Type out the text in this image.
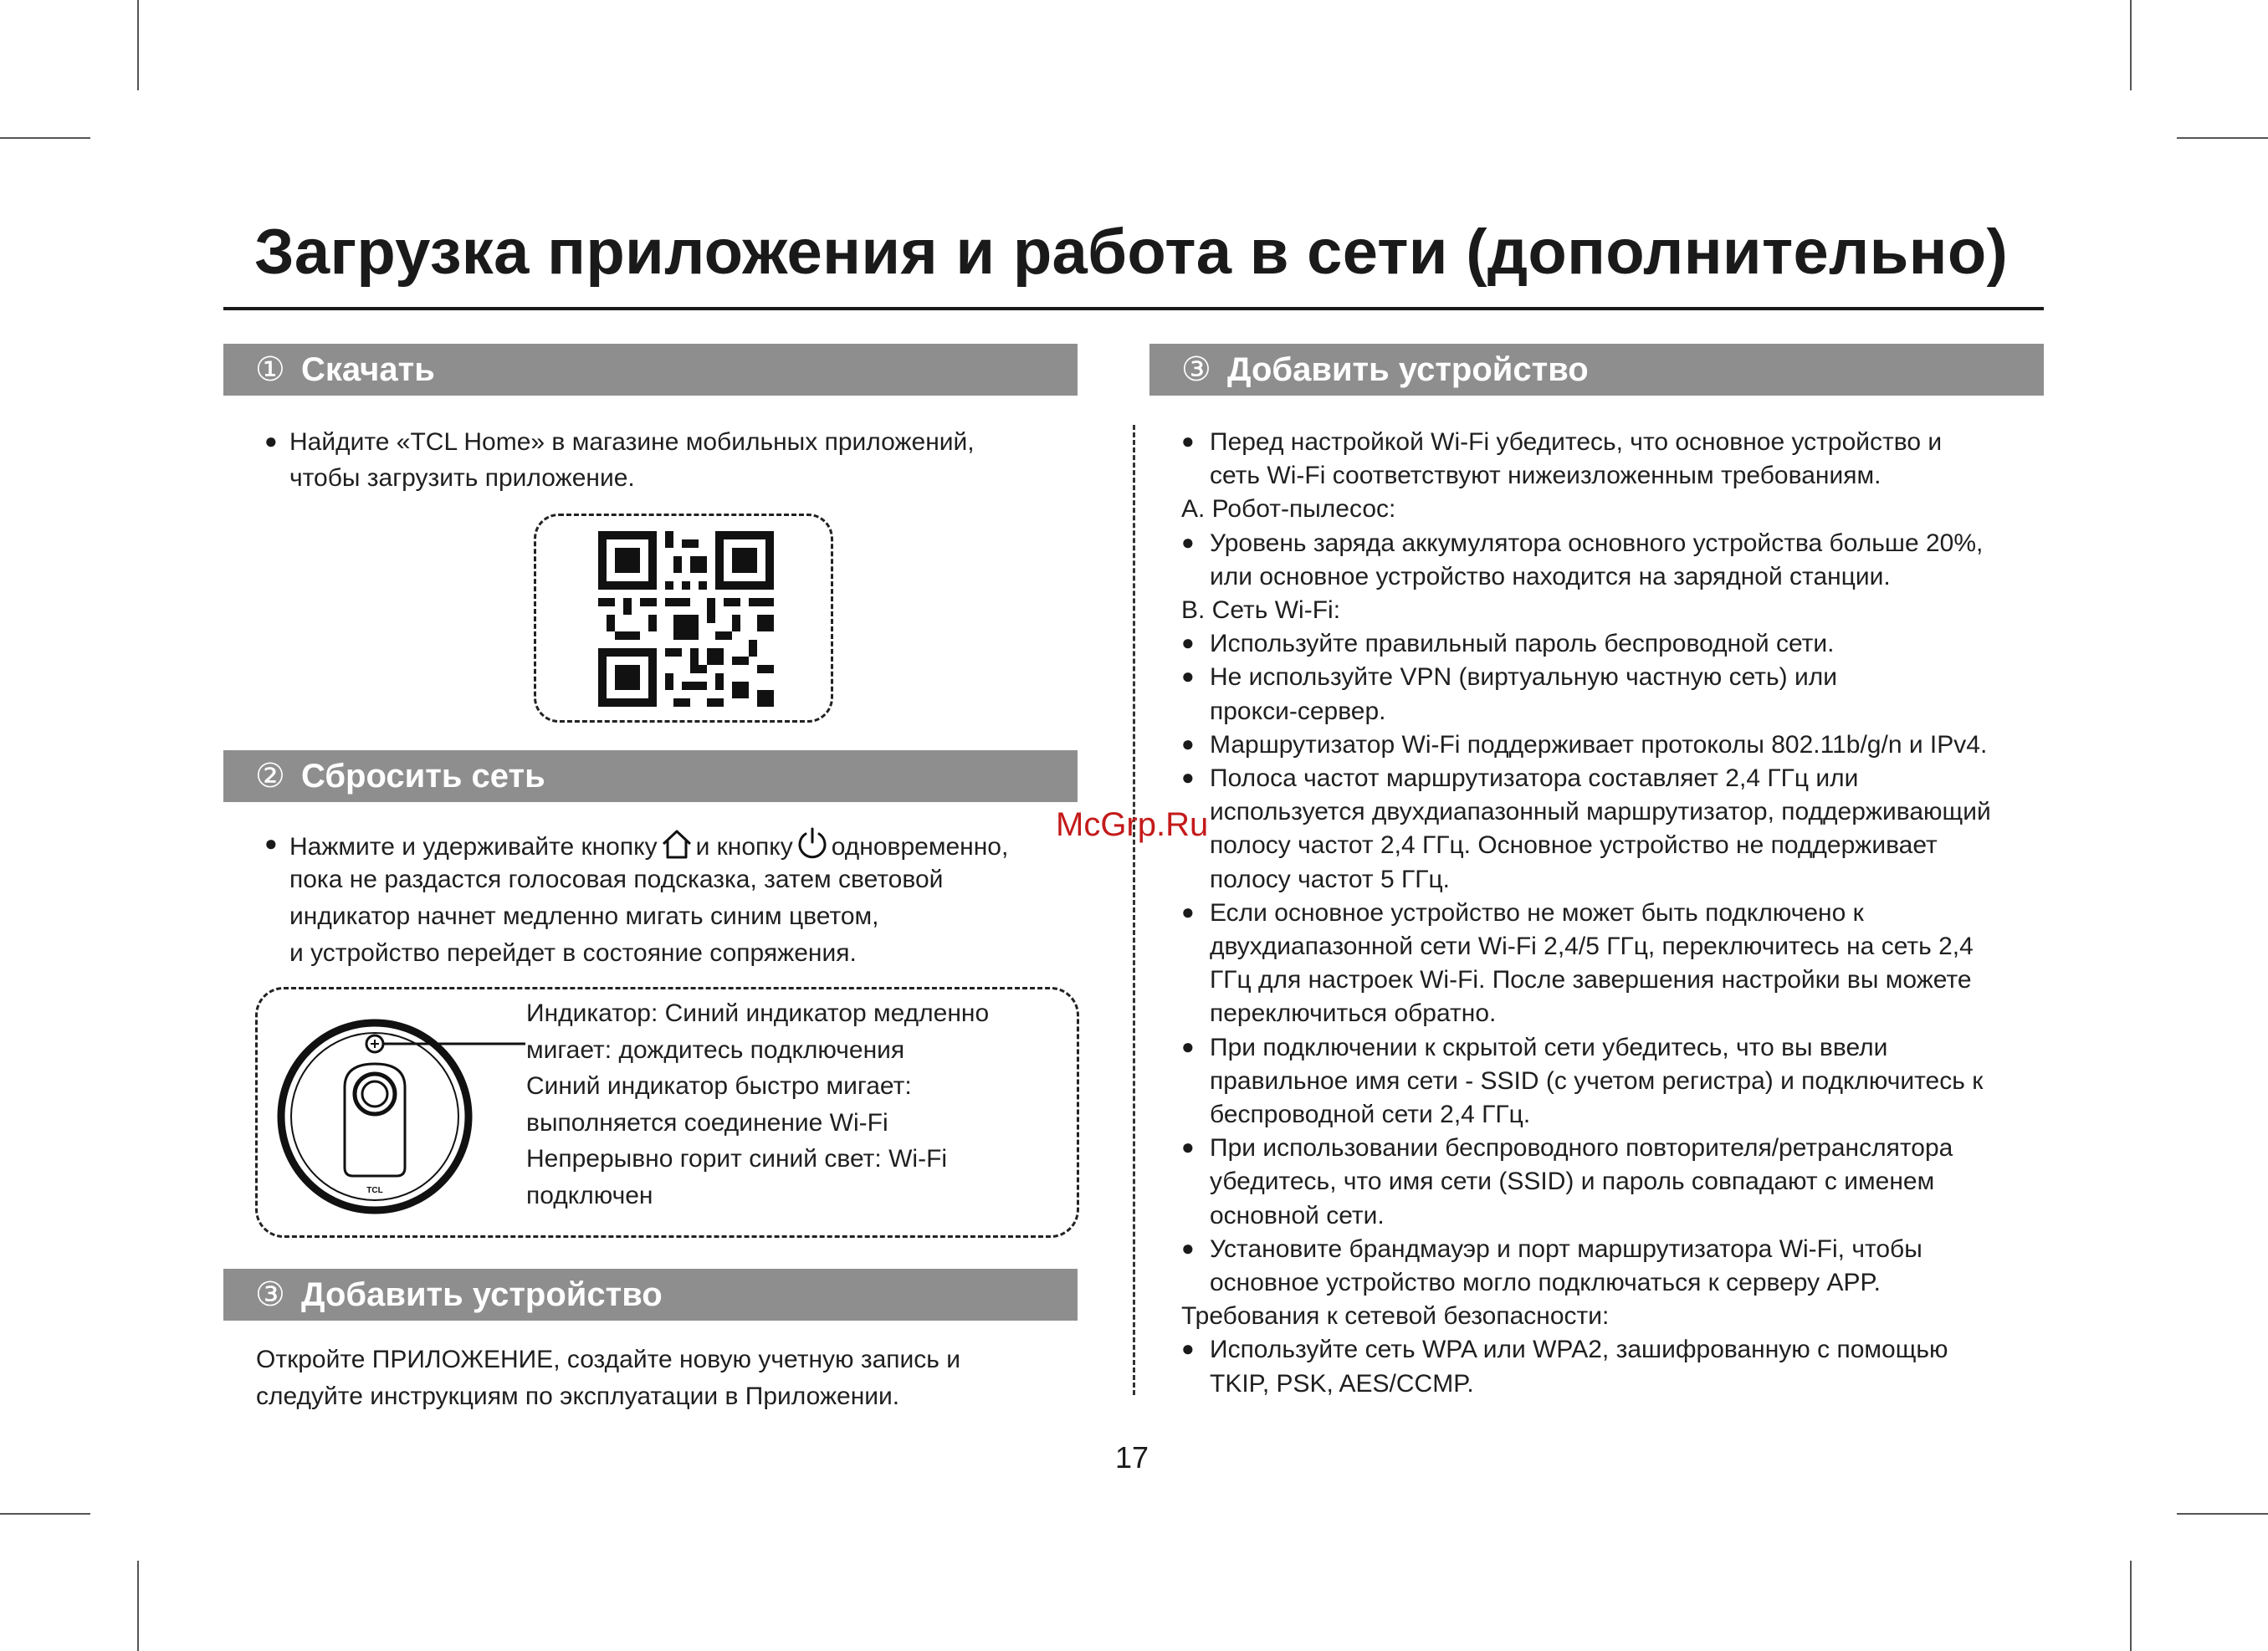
Загрузка приложения и работа в сети (дополнительно)
① Скачать
● Найдите «TCL Home» в магазине мобильных приложений,
чтобы загрузить приложение.
② Сбросить сеть
● Нажмите и удерживайте кнопку и кнопку одновременно,
пока не раздастся голосовая подсказка, затем световой
индикатор начнет медленно мигать синим цветом,
и устройство перейдет в состояние сопряжения.
TCL
Индикатор: Синий индикатор медленно
мигает: дождитесь подключения
Синий индикатор быстро мигает:
выполняется соединение Wi-Fi
Непрерывно горит синий свет: Wi-Fi
подключен
③ Добавить устройство
Откройте ПРИЛОЖЕНИЕ, создайте новую учетную запись и
следуйте инструкциям по эксплуатации в Приложении.
③ Добавить устройство
● Перед настройкой Wi-Fi убедитесь, что основное устройство и
сеть Wi-Fi соответствуют нижеизложенным требованиям.
A. Робот-пылесос:
● Уровень заряда аккумулятора основного устройства больше 20%,
или основное устройство находится на зарядной станции.
B. Сеть Wi-Fi:
● Используйте правильный пароль беспроводной сети.
● Не используйте VPN (виртуальную частную сеть) или
прокси-сервер.
● Маршрутизатор Wi-Fi поддерживает протоколы 802.11b/g/n и IPv4.
● Полоса частот маршрутизатора составляет 2,4 ГГц или
используется двухдиапазонный маршрутизатор, поддерживающий
полосу частот 2,4 ГГц. Основное устройство не поддерживает
полосу частот 5 ГГц.
● Если основное устройство не может быть подключено к
двухдиапазонной сети Wi-Fi 2,4/5 ГГц, переключитесь на сеть 2,4
ГГц для настроек Wi-Fi. После завершения настройки вы можете
переключиться обратно.
● При подключении к скрытой сети убедитесь, что вы ввели
правильное имя сети - SSID (с учетом регистра) и подключитесь к
беспроводной сети 2,4 ГГц.
● При использовании беспроводного повторителя/ретранслятора
убедитесь, что имя сети (SSID) и пароль совпадают с именем
основной сети.
● Установите брандмауэр и порт маршрутизатора Wi-Fi, чтобы
основное устройство могло подключаться к серверу APP.
Требования к сетевой безопасности:
● Используйте сеть WPA или WPA2, зашифрованную с помощью
TKIP, PSK, AES/CCMP.
McGrp.Ru
17
